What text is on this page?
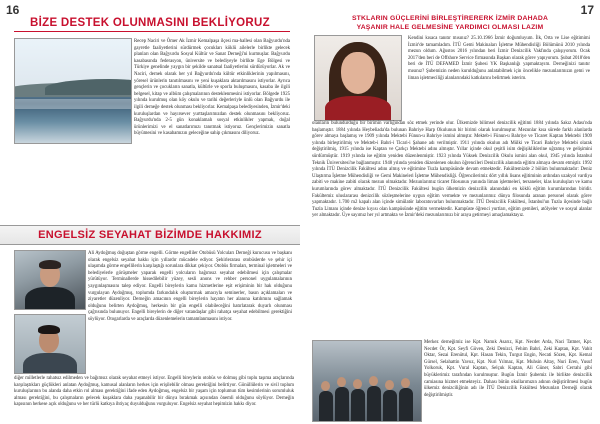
16
BİZE DESTEK OLUNMASINI BEKLİYORUZ
Recep Naciri ve Ömer Ak İzmir Kemalpaşa ilçesi ma-hallesi olan Bağyurdu'nda gayretle faaliyetlerini sürdürmek çocukları köklü ailelerle birlikte gelecek planları olan Bağyurdu Sosyal Kültür ve Sanat Derneği'ni kurmuşlar. Bağyurdu kasabasında federasyon, üniversite ve belediyeyle birlikte Ege Bölgesi ve Türkiye genelinde yaygın bir şekilde sanatsal faaliyetlerini sürdürüyorlar. Ak ve Naciri, dernek olarak her yıl Bağyurdu'nda kültür etkinliklerinin yapılmasını, yöresel ürünlerin tanıtılmasını ve yeni kuşaklara aktarılmasını istiyorlar. Ayrıca gençlerin ve çocukların sanatla, kültürle ve sporla buluşmasını, kasaba ile ilgili belgesel, kitap ve albüm çalışmalarının desteklenmesini istiyorlar. Bölgede 1925 yılında kurulmuş olan köy okulu ve tarihi değerleriyle ünlü olan Bağyurdu ile ilgili derneğe destek olunması bekliyorlar. Kemalpaşa belediyesinden, İzmir'deki kuruluşlardan ve hayırsever yurttaşlarımızdan destek olunmasını bekliyoruz. Bağyurdu'nda 2-5 gün konaklamalı sosyal etkinlikler yapmak, doğal ürünlerimizi ve el sanatlarımızı tanıtmak istiyoruz. Gençlerimizin sanatla büyümesini ve kasabamızın geleceğine sahip çıkmasını diliyoruz.
ENGELSİZ SEYAHAT BİZİMDE HAKKIMIZ
Ali Aydoğmuş doğuştan görme engelli. Görme engelliler Otobüsü Yolcuları Derneği kurucusu ve başkanı olarak engelsiz seyahat hakkı için yıllardır mücadele ediyor. Şehirlerarası otobüslerde ve şehir içi ulaşımda görme engellilerin karşılaştığı sorunlara dikkat çekiyor. Otobüs firmaları, terminal işletmeleri ve belediyelerle görüşmeler yaparak engelli yolcuların bağımsız seyahat edebilmesi için çalışmalar yürütüyor. Terminallerde hissedilebilir yüzey, sesli anons ve rehber personel uygulamalarının yaygınlaşmasını talep ediyor. Engelli bireylerin kamu hizmetlerine eşit erişiminin bir hak olduğunu vurgulayan Aydoğmuş, toplumda farkındalık oluşturmak amacıyla seminerler, basın açıklamaları ve ziyaretler düzenliyor. Derneğin amacının engelli bireylerin hayatın her alanına katılımını sağlamak olduğunu belirten Aydoğmuş, herkesin bir gün engelli olabileceğini hatırlatarak duyarlı olunması çağrısında bulunuyor. Engelli bireylerin de diğer vatandaşlar gibi rahatça seyahat edebilmesi gerektiğini söylüyor. Otogarlarda ve araçlarda düzenlemelerin tamamlanmasını istiyor.
diğer milletlerle rahatsız edilmeden ve bağımsız olarak seyahat etmeyi istiyor. Engelli bireylerin otobüs ve dolmuş gibi toplu taşıma araçlarında karşılaştıkları güçlükleri anlatan Aydoğmuş, kamusal alanların herkes için erişilebilir olması gerektiğini belirtiyor. Gönüllülerin ve sivil toplum kuruluşlarının bu alanda daha etkin rol alması gerektiğini ifade eden Aydoğmuş, engelsiz bir yaşam için toplumun tüm kesimlerinin sorumluluk alması gerektiğini, bu çalışmaların gelecek kuşaklara daha yaşanabilir bir dünya bırakmak açısından önemli olduğunu söylüyor. Derneğin kapısının herkese açık olduğunu ve her türlü katkıya ihtiyaç duyulduğunu vurguluyor. Engelsiz seyahat hepimizin hakkı diyor.
17
STKLARIN GÜÇLERİNİ BİRLEŞTİRERERK İZMİR DAHADA
YAŞANIR HALE GELMESİNE YARDIMCI OLMASI LAZIM
Kendini kısaca tanıtır mısınız? 25.10.1966 İzmir doğumluyum. İlk, Orta ve Lise eğitimimi İzmir'de tamamladım. İTÜ Gemi Makinaları İşletme Mühendisliği Bölümünü 2010 yılında mezun oldum. Ağustos 2016 yılından beri İzmir Denizcilik Vakfında çalışıyorum. Ocak 2017'den beri de Offshore Service firmasında Başkan olarak görev yapıyorum. Şubat 2018'den beri de İTÜ DEFAMED İzmir Şubesi YK Başkanlığı yapmaktayım. Derneğinizi tanıtır mısınız? Şubemizin neden kurulduğunu anlatabilmek için öncelikle mezunlarımızın gemi ve liman işletmeciliği alanlarındaki katkılarını belirtmek isterim.
olanların bulundurduğu bir birimin varlığından söz etmek yerinde olur. Ülkemizde bilimsel denizcilik eğitimi 1884 yılında Sakız Adası'nda başlamıştır. 1884 yılında Heybeliada'da bulunan Bahriye Harp Okulunun bir birimi olarak kurulmuştur. Mezunlar kısa sürede farklı alanlarda görev almaya başlamış ve 1909 yılında Mektebi Fünun-u Bahriye ismini almıştır. Mekteb-i Fünun-u Bahriye ve Ticaret Kaptan Mektebi 1909 yılında birleştirilmiş ve Mekteb-i Bahri-i Ticari-i Şahane adı verilmiştir. 1911 yılında okulun adı Mülki ve Ticari Bahriye Mektebi olarak değiştirilmiş, 1915 yılında ise Kaptan ve Çarkçı Mektebi adını almıştır. Yıllar içinde okul çeşitli isim değişikliklerine uğramış ve gelişimini sürdürmüştür. 1919 yılında ise eğitim yeniden düzenlenmiştir. 1923 yılında Yüksek Denizcilik Okulu ismini alan okul, 1945 yılında İstanbul Teknik Üniversitesi'ne bağlanmıştır. 1948 yılında yeniden düzenlenen okulun öğrencileri Denizcilik alanında eğitim almaya devam etmiştir. 1992 yılında İTÜ Denizcilik Fakültesi adını almış ve eğitimine Tuzla kampüsünde devam etmektedir. Fakültemizde 2 bölüm bulunmaktadır: Deniz Ulaştırma İşletme Mühendisliği ve Gemi Makineleri İşletme Mühendisliği. Öğrencilerimiz dört yıllık lisans eğitiminin ardından uzakyol vardiya zabiti ve makine zabiti olarak mezun olmaktadır. Mezunlarımız ticaret filosunun yanında liman işletmeleri, tersaneler, klas kuruluşları ve kamu kurumlarında görev almaktadır. İTÜ Denizcilik Fakültesi bugün ülkemizin denizcilik alanındaki en köklü eğitim kurumlarından biridir. Fakültemiz uluslararası denizcilik sözleşmelerine uygun eğitim vermekte ve mezunlarımız dünya filosunda aranan personel olarak görev yapmaktadır. 1.700 m2 kapalı alan içinde simülatör laboratuvarları bulunmaktadır. İTÜ Denizcilik Fakültesi, İstanbul'un Tuzla ilçesinde bağlı Tuzla Limanı içinde denize kıyısı olan kampüsünde eğitim vermektedir. Kampüste öğrenci yurtları, eğitim gemileri, atölyeler ve sosyal alanlar yer almaktadır. Üye sayımız her yıl artmakta ve İzmir'deki mezunlarımızı bir araya getirmeyi amaçlamaktayız.
Merkez derneğimiz ise Kpt. Namık Asarız, Kpt. Necdet Arda, Naci Tatmer, Kpt. Necdet Ör, Kpt. Seyfi Güven, Zeki Denizci, Fehim Bahri, Zeki Kaptan, Kpt. Vahit Oktar, Sezai Erenütul, Kpt. Hasan Tekin, Turgut Engin, Necati Sözen, Kpt. Kemal Gürsel, Selahattin Yavuz, Kpt. Nuri Yılmaz, Kpt. Muhsin Altay, Nuri Eren, Yusuf Yolkoruk, Kpt. Vural Kaptan, Selçuk Kaptan, Ali Güner, Sabri Cerrahi gibi büyüklerimiz tarafından kurulmuştur. Bugün İzmir Şubemiz ile birlikte denizcilik camiasına hizmet etmekteyiz. Dahası bütün okullarımızın adının değiştirilmesi bugün ülkemiz denizciliğinin adı ile İTÜ Denizcilik Fakültesi Mezunları Derneği olarak değiştirilmiştir.
